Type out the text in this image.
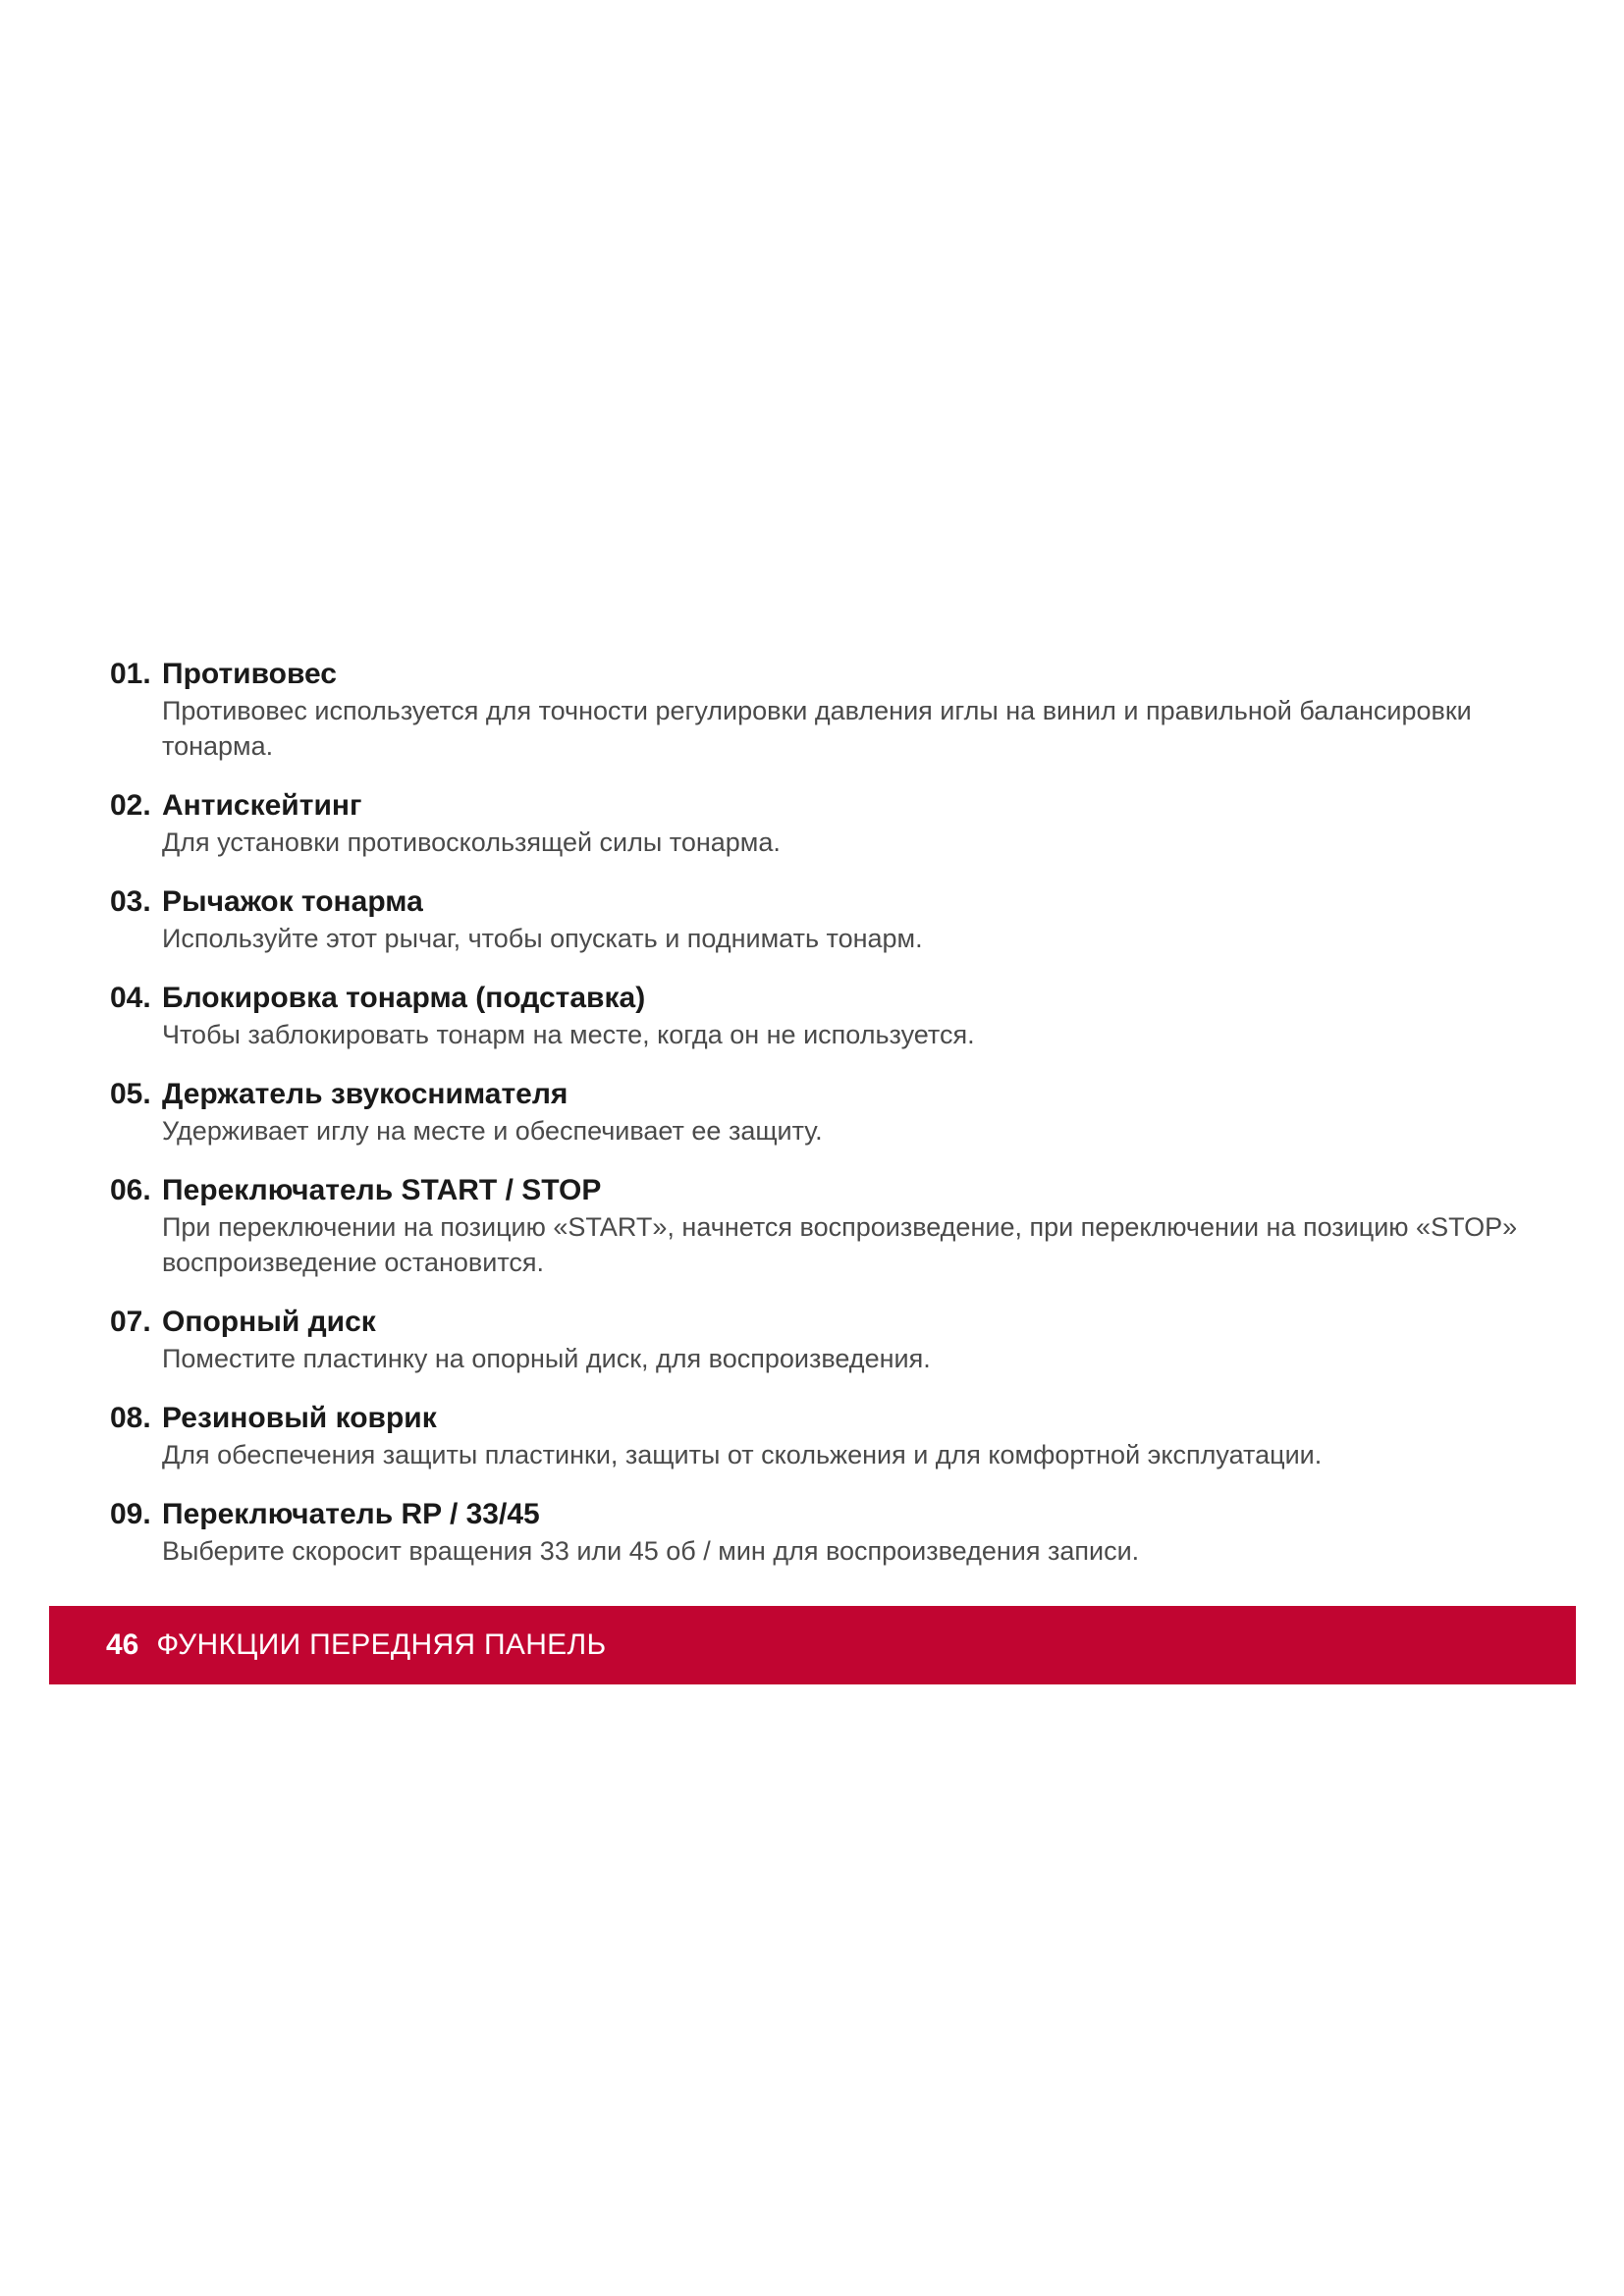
01. Противовес
Противовес используется для точности регулировки давления иглы на винил и правильной балансировки тонарма.
02. Антискейтинг
Для установки противоскользящей силы тонарма.
03. Рычажок тонарма
Используйте этот рычаг, чтобы опускать и поднимать тонарм.
04. Блокировка тонарма (подставка)
Чтобы заблокировать тонарм на месте, когда он не используется.
05. Держатель звукоснимателя
Удерживает иглу на месте и обеспечивает ее защиту.
06. Переключатель START / STOP
При переключении на позицию «START», начнется воспроизведение, при переключении на позицию «STOP» воспроизведение остановится.
07. Опорный диск
Поместите пластинку на опорный диск, для воспроизведения.
08. Резиновый коврик
Для обеспечения защиты пластинки, защиты от скольжения и для комфортной эксплуатации.
09. Переключатель RP / 33/45
Выберите скоросит вращения 33 или 45 об / мин для воспроизведения записи.
46 ФУНКЦИИ ПЕРЕДНЯЯ ПАНЕЛЬ
